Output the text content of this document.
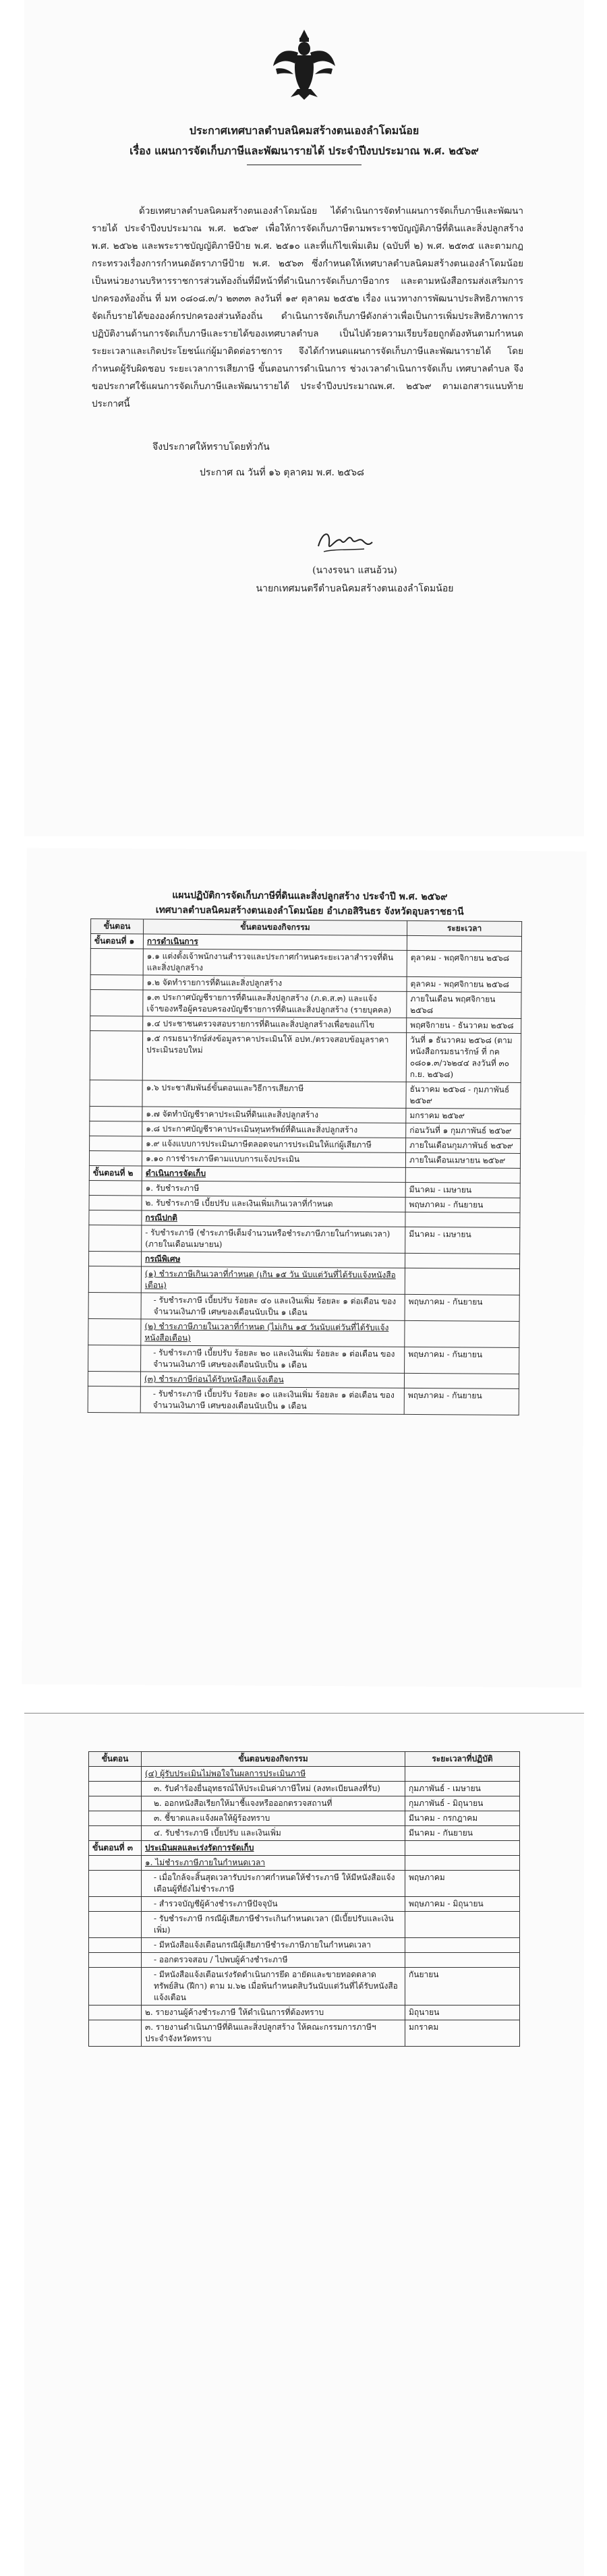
ประกาศเทศบาลตำบลนิคมสร้างตนเองลำโดมน้อย
เรื่อง แผนการจัดเก็บภาษีและพัฒนารายได้ ประจำปีงบประมาณ พ.ศ. ๒๕๖๙

ด้วยเทศบาลตำบลนิคมสร้างตนเองลำโดมน้อย ได้ดำเนินการจัดทำแผนการจัดเก็บภาษีและพัฒนารายได้ ประจำปีงบประมาณ พ.ศ. ๒๕๖๙ เพื่อให้การจัดเก็บภาษีตามพระราชบัญญัติภาษีที่ดินและสิ่งปลูกสร้าง พ.ศ. ๒๕๖๒ และพระราชบัญญัติภาษีป้าย พ.ศ. ๒๕๑๐ และที่แก้ไขเพิ่มเติม (ฉบับที่ ๒) พ.ศ. ๒๕๓๕ และตามกฎกระทรวงเรื่องการกำหนดอัตราภาษีป้าย พ.ศ. ๒๕๖๓ ซึ่งกำหนดให้เทศบาลตำบลนิคมสร้างตนเองลำโดมน้อย เป็นหน่วยงานบริหารราชการส่วนท้องถิ่นที่มีหน้าที่ดำเนินการจัดเก็บภาษีอากร และตามหนังสือกรมส่งเสริมการปกครองท้องถิ่น ที่ มท ๐๘๐๘.๓/ว ๒๓๓๓ ลงวันที่ ๑๙ ตุลาคม ๒๕๕๒ เรื่อง แนวทางการพัฒนาประสิทธิภาพการจัดเก็บรายได้ขององค์กรปกครองส่วนท้องถิ่น ดำเนินการจัดเก็บภาษีดังกล่าวเพื่อเป็นการเพิ่มประสิทธิภาพการปฏิบัติงานด้านการจัดเก็บภาษีและรายได้ของเทศบาลตำบล เป็นไปด้วยความเรียบร้อยถูกต้องทันตามกำหนดระยะเวลาและเกิดประโยชน์แก่ผู้มาติดต่อราชการ จึงได้กำหนดแผนการจัดเก็บภาษีและพัฒนารายได้ โดยกำหนดผู้รับผิดชอบ ระยะเวลาการเสียภาษี ขั้นตอนการดำเนินการ ช่วงเวลาดำเนินการจัดเก็บ เทศบาลตำบล จึงขอประกาศใช้แผนการจัดเก็บภาษีและพัฒนารายได้ ประจำปีงบประมาณพ.ศ. ๒๕๖๙ ตามเอกสารแนบท้ายประกาศนี้

จึงประกาศให้ทราบโดยทั่วกัน
ประกาศ ณ วันที่ ๑๖ ตุลาคม พ.ศ. ๒๕๖๘
(นางรจนา แสนอ้วน)
นายกเทศมนตรีตำบลนิคมสร้างตนเองลำโดมน้อย
แผนปฏิบัติการจัดเก็บภาษีที่ดินและสิ่งปลูกสร้าง ประจำปี พ.ศ. ๒๕๖๙
เทศบาลตำบลนิคมสร้างตนเองลำโดมน้อย อำเภอสิรินธร จังหวัดอุบลราชธานี
ขั้นตอน	ขั้นตอนของกิจกรรม	ระยะเวลา
ขั้นตอนที่ ๑	การดำเนินการ	
	๑.๑ แต่งตั้งเจ้าพนักงานสำรวจและประกาศกำหนดระยะเวลาสำรวจที่ดินและสิ่งปลูกสร้าง	ตุลาคม - พฤศจิกายน ๒๕๖๘
	๑.๒ จัดทำรายการที่ดินและสิ่งปลูกสร้าง	ตุลาคม - พฤศจิกายน ๒๕๖๘
	๑.๓ ประกาศบัญชีรายการที่ดินและสิ่งปลูกสร้าง (ภ.ด.ส.๓) และแจ้งเจ้าของหรือผู้ครอบครองบัญชีรายการที่ดินและสิ่งปลูกสร้าง (รายบุคคล)	ภายในเดือน พฤศจิกายน ๒๕๖๘
	๑.๔ ประชาชนตรวจสอบรายการที่ดินและสิ่งปลูกสร้างเพื่อขอแก้ไข	พฤศจิกายน - ธันวาคม ๒๕๖๘
	๑.๕ กรมธนารักษ์ส่งข้อมูลราคาประเมินให้ อปท./ตรวจสอบข้อมูลราคาประเมินรอบใหม่	วันที่ ๑ ธันวาคม ๒๕๖๘ (ตามหนังสือกรมธนารักษ์ ที่ กค ๐๘๐๑.๓/ว๖๒๔๔ ลงวันที่ ๓๐ ก.ย. ๒๕๖๘)
	๑.๖ ประชาสัมพันธ์ขั้นตอนและวิธีการเสียภาษี	ธันวาคม ๒๕๖๘ - กุมภาพันธ์ ๒๕๖๙
	๑.๗ จัดทำบัญชีราคาประเมินที่ดินและสิ่งปลูกสร้าง	มกราคม ๒๕๖๙
	๑.๘ ประกาศบัญชีราคาประเมินทุนทรัพย์ที่ดินและสิ่งปลูกสร้าง	ก่อนวันที่ ๑ กุมภาพันธ์ ๒๕๖๙
	๑.๙ แจ้งแบบการประเมินภาษีตลอดจนการประเมินให้แก่ผู้เสียภาษี	ภายในเดือนกุมภาพันธ์ ๒๕๖๙
	๑.๑๐ การชำระภาษีตามแบบการแจ้งประเมิน	ภายในเดือนเมษายน ๒๕๖๙
ขั้นตอนที่ ๒	ดำเนินการจัดเก็บ	
	๑. รับชำระภาษี	มีนาคม - เมษายน
	๒. รับชำระภาษี เบี้ยปรับ และเงินเพิ่มเกินเวลาที่กำหนด	พฤษภาคม - กันยายน
	กรณีปกติ	
	- รับชำระภาษี (ชำระภาษีเต็มจำนวนหรือชำระภาษีภายในกำหนดเวลา) (ภายในเดือนเมษายน)	มีนาคม - เมษายน
	กรณีพิเศษ	
	(๑) ชำระภาษีเกินเวลาที่กำหนด (เกิน ๑๕ วัน นับแต่วันที่ได้รับแจ้งหนังสือเตือน)	
	- รับชำระภาษี เบี้ยปรับ ร้อยละ ๔๐ และเงินเพิ่ม ร้อยละ ๑ ต่อเดือน ของจำนวนเงินภาษี เศษของเดือนนับเป็น ๑ เดือน	พฤษภาคม - กันยายน
	(๒) ชำระภาษีภายในเวลาที่กำหนด (ไม่เกิน ๑๕ วันนับแต่วันที่ได้รับแจ้งหนังสือเตือน)	
	- รับชำระภาษี เบี้ยปรับ ร้อยละ ๒๐ และเงินเพิ่ม ร้อยละ ๑ ต่อเดือน ของจำนวนเงินภาษี เศษของเดือนนับเป็น ๑ เดือน	พฤษภาคม - กันยายน
	(๓) ชำระภาษีก่อนได้รับหนังสือแจ้งเตือน	
	- รับชำระภาษี เบี้ยปรับ ร้อยละ ๑๐ และเงินเพิ่ม ร้อยละ ๑ ต่อเดือน ของจำนวนเงินภาษี เศษของเดือนนับเป็น ๑ เดือน	พฤษภาคม - กันยายน
ขั้นตอน	ขั้นตอนของกิจกรรม	ระยะเวลาที่ปฏิบัติ
	(๔) ผู้รับประเมินไม่พอใจในผลการประเมินภาษี	
	๓. รับคำร้องยื่นอุทธรณ์ให้ประเมินค่าภาษีใหม่ (ลงทะเบียนลงที่รับ)	กุมภาพันธ์ - เมษายน
	๒. ออกหนังสือเรียกให้มาชี้แจงหรือออกตรวจสถานที่	กุมภาพันธ์ - มิถุนายน
	๓. ชี้ขาดและแจ้งผลให้ผู้ร้องทราบ	มีนาคม - กรกฎาคม
	๔. รับชำระภาษี เบี้ยปรับ และเงินเพิ่ม	มีนาคม - กันยายน
ขั้นตอนที่ ๓	ประเมินผลและเร่งรัดการจัดเก็บ	
	๑. ไม่ชำระภาษีภายในกำหนดเวลา	
	- เมื่อใกล้จะสิ้นสุดเวลารับประกาศกำหนดให้ชำระภาษี ให้มีหนังสือแจ้งเตือนผู้ที่ยังไม่ชำระภาษี	พฤษภาคม
	- สำรวจบัญชีผู้ค้างชำระภาษีปัจจุบัน	พฤษภาคม - มิถุนายน
	- รับชำระภาษี กรณีผู้เสียภาษีชำระเกินกำหนดเวลา (มีเบี้ยปรับและเงินเพิ่ม)	
	- มีหนังสือแจ้งเตือนกรณีผู้เสียภาษีชำระภาษีภายในกำหนดเวลา	
	- ออกตรวจสอบ / ไปพบผู้ค้างชำระภาษี	
	- มีหนังสือแจ้งเตือนเร่งรัดดำเนินการยึด อายัดและขายทอดตลาดทรัพย์สิน (ฝีกา) ตาม ม.๖๒ เมื่อพ้นกำหนดสิบวันนับแต่วันที่ได้รับหนังสือแจ้งเตือน	กันยายน
	๒. รายงานผู้ค้างชำระภาษี ให้ดำเนินการที่ต้องทราบ	มิถุนายน
	๓. รายงานดำเนินภาษีที่ดินและสิ่งปลูกสร้าง ให้คณะกรรมการภาษีฯ ประจำจังหวัดทราบ	มกราคม
